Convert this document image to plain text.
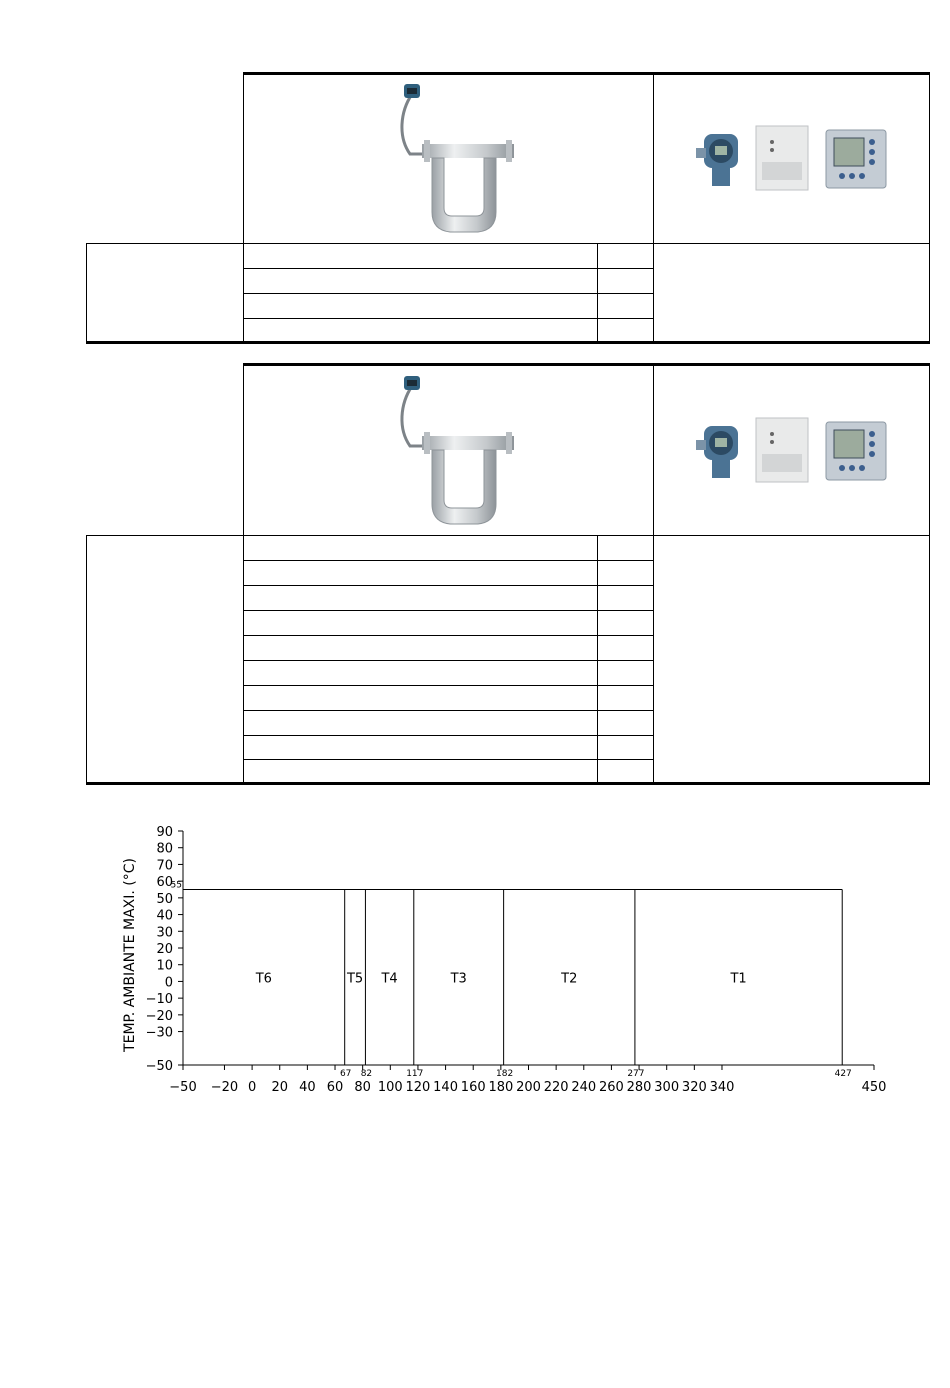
TEMP. AMBIANTE MAXI. (°C)	55
T6
67
T5
82
T4
117
T3
182
T2
277
T1
427
−50 −20 0 20 40 60 80 100 120 140 160 180 200 220 240 260 280 300 320 340	450
90
80
70
60
50
40
30
20
10
0
−10
−20
−30
−50
